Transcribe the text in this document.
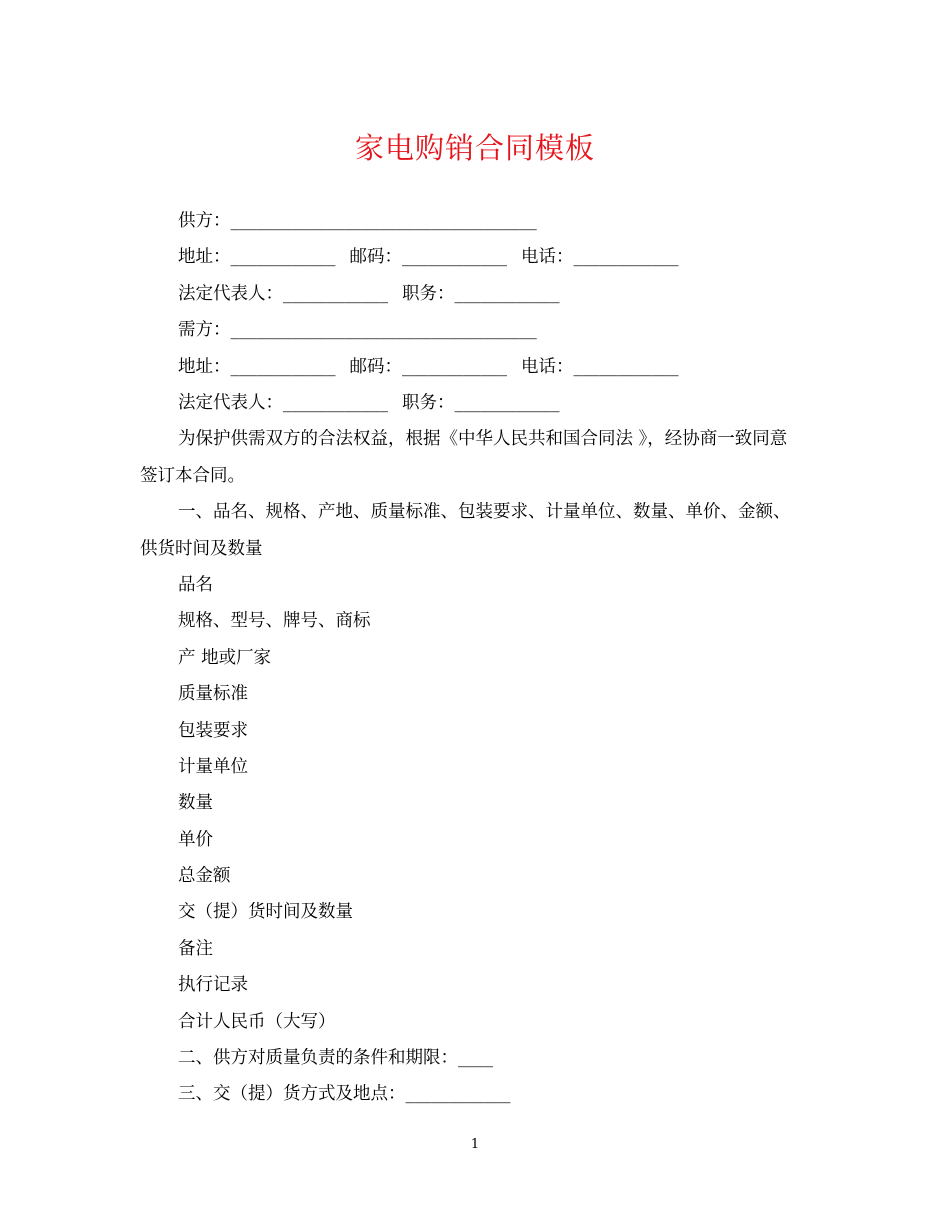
家电购销合同模板
供方：___________________________________
地址：____________ 邮码：____________ 电话：____________
法定代表人：____________ 职务：____________
需方：___________________________________
地址：____________ 邮码：____________ 电话：____________
法定代表人：____________ 职务：____________
为保护供需双方的合法权益，根据《中华人民共和国合同法 》，经协商一致同意签订本合同。
一、品名、规格、产地、质量标准、包装要求、计量单位、数量、单价、金额、供货时间及数量
品名
规格、型号、牌号、商标
产 地或厂家
质量标准
包装要求
计量单位
数量
单价
总金额
交（提）货时间及数量
备注
执行记录
合计人民币（大写）
二、供方对质量负责的条件和期限：____
三、交（提）货方式及地点：____________
1
